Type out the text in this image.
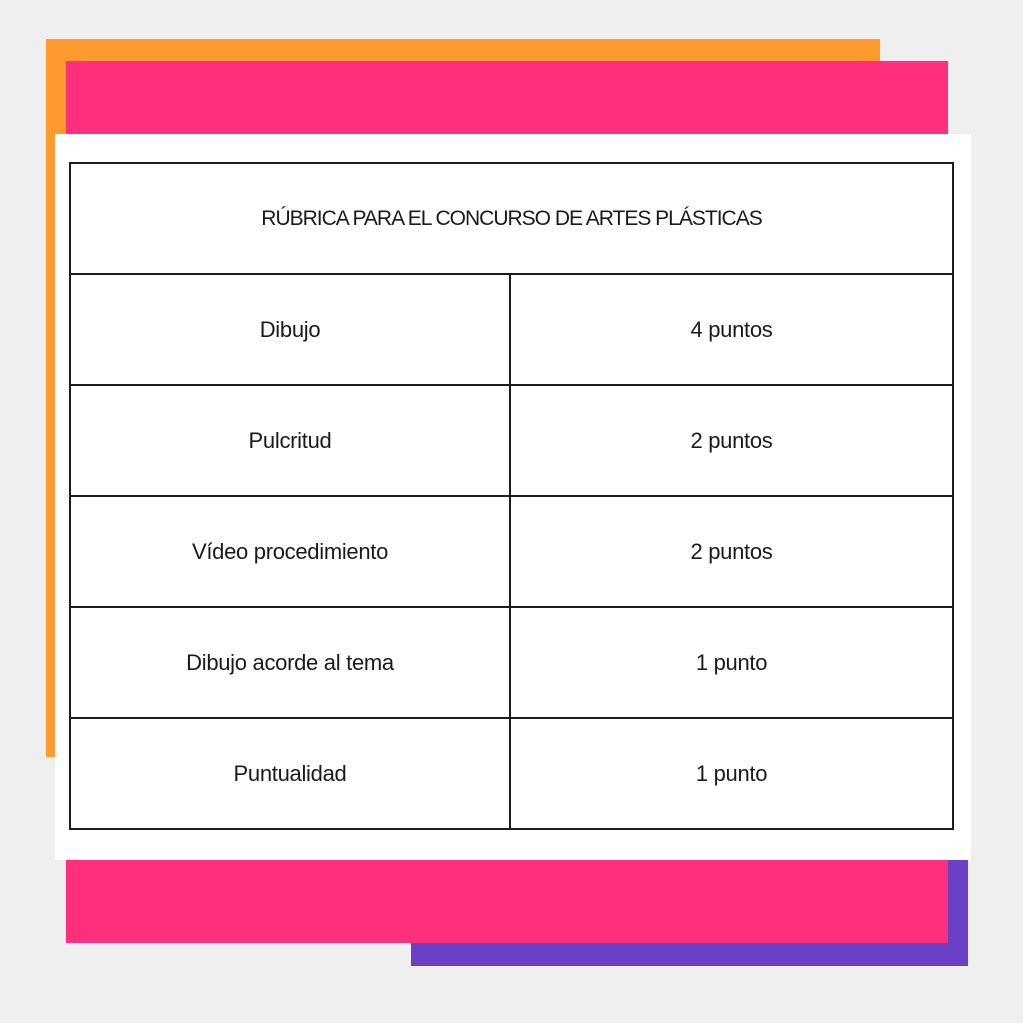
RÚBRICA PARA EL CONCURSO DE ARTES PLÁSTICAS	
Dibujo	4 puntos
Pulcritud	2 puntos
Vídeo procedimiento	2 puntos
Dibujo acorde al tema	1 punto
Puntualidad	1 punto
